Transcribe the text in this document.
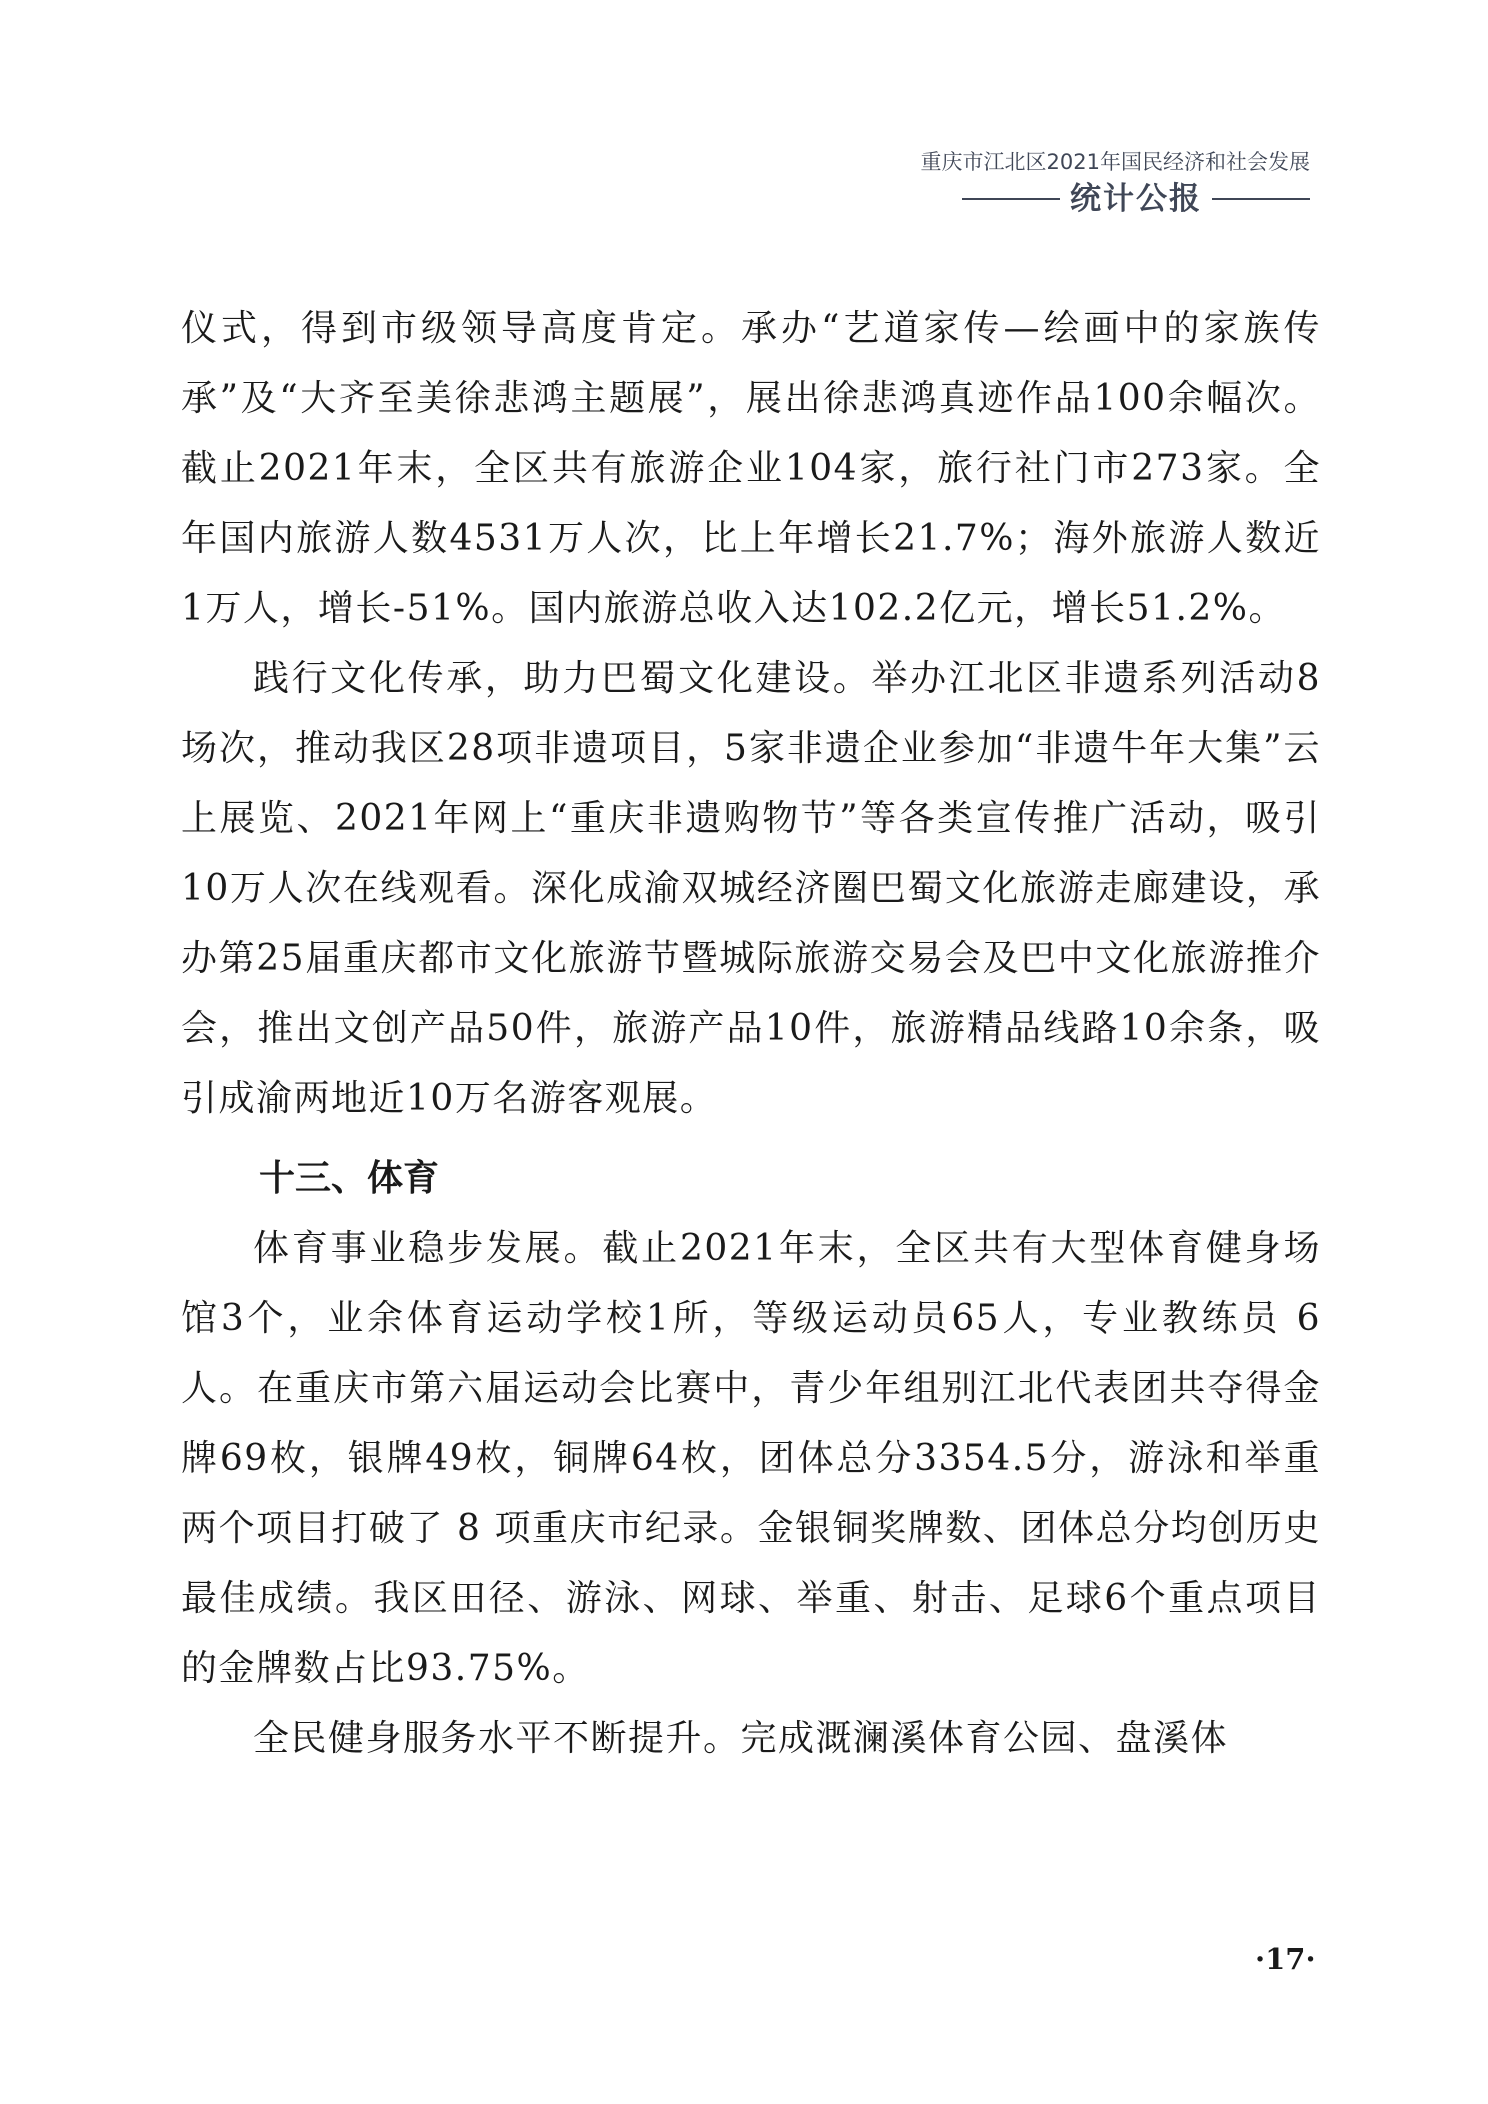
重庆市江北区2021年国民经济和社会发展
统计公报

仪式，得到市级领导高度肯定。承办“艺道家传—绘画中的家族传承”及“大齐至美徐悲鸿主题展”，展出徐悲鸿真迹作品100余幅次。截止2021年末，全区共有旅游企业104家，旅行社门市273家。全年国内旅游人数4531万人次，比上年增长21.7%；海外旅游人数近1万人，增长-51%。国内旅游总收入达102.2亿元，增长51.2%。

践行文化传承，助力巴蜀文化建设。举办江北区非遗系列活动8场次，推动我区28项非遗项目，5家非遗企业参加“非遗牛年大集”云上展览、2021年网上“重庆非遗购物节”等各类宣传推广活动，吸引10万人次在线观看。深化成渝双城经济圈巴蜀文化旅游走廊建设，承办第25届重庆都市文化旅游节暨城际旅游交易会及巴中文化旅游推介会，推出文创产品50件，旅游产品10件，旅游精品线路10余条，吸引成渝两地近10万名游客观展。

十三、体育

体育事业稳步发展。截止2021年末，全区共有大型体育健身场馆3个，业余体育运动学校1所，等级运动员65人，专业教练员 6 人。在重庆市第六届运动会比赛中，青少年组别江北代表团共夺得金牌69枚，银牌49枚，铜牌64枚，团体总分3354.5分，游泳和举重两个项目打破了 8 项重庆市纪录。金银铜奖牌数、团体总分均创历史最佳成绩。我区田径、游泳、网球、举重、射击、足球6个重点项目的金牌数占比93.75%。

全民健身服务水平不断提升。完成溉澜溪体育公园、盘溪体

·17·
